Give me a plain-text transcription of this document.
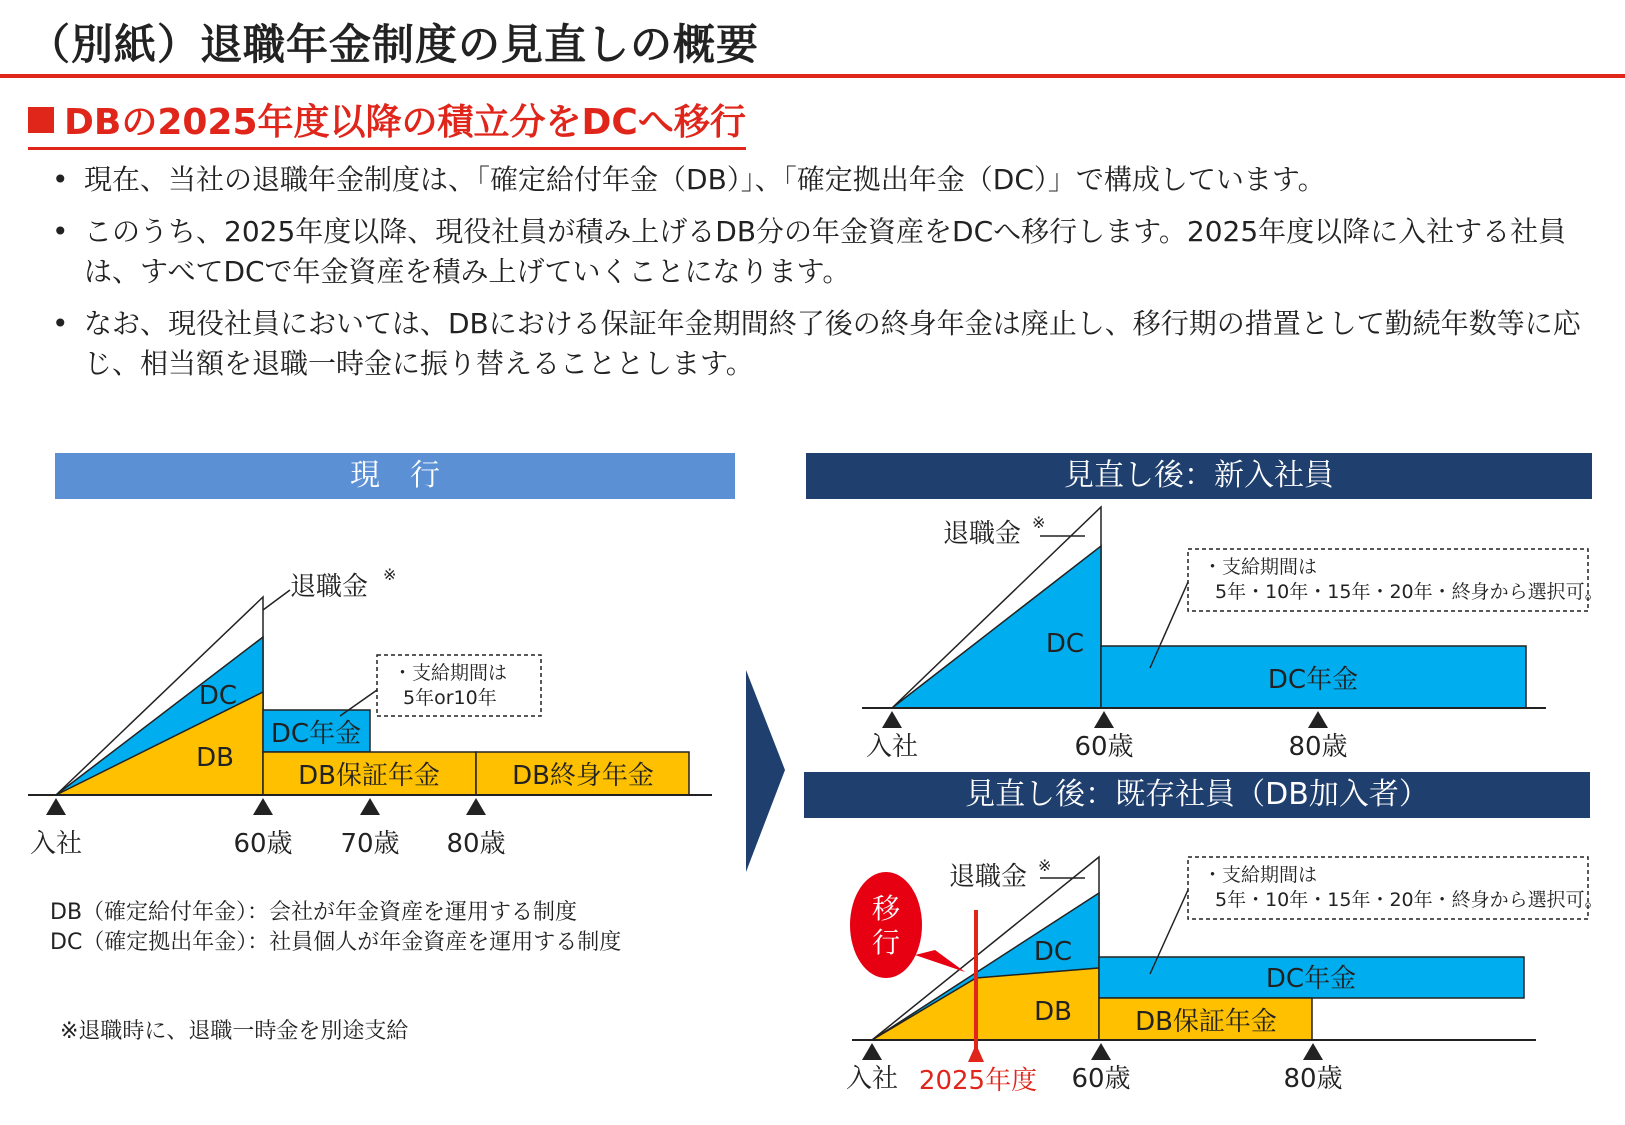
（別紙）退職年金制度の見直しの概要
DBの2025年度以降の積立分をDCへ移行
• 現在、当社の退職年金制度は、「確定給付年金（DB）」、「確定拠出年金（DC）」で構成しています。
• このうち、2025年度以降、現役社員が積み上げるDB分の年金資産をDCへ移行します。2025年度以降に入社する社員は、すべてDCで年金資産を積み上げていくことになります。
• なお、現役社員においては、DBにおける保証年金期間終了後の終身年金は廃止し、移行期の措置として勤続年数等に応じ、相当額を退職一時金に振り替えることとします。
現　行	見直し後：新入社員
見直し後：既存社員（DB加入者）
退職金 ※
DC
DB
DC年金
DB保証年金	DB終身年金
・支給期間は
5年or10年
入社	60歳 70歳 80歳
退職金 ※
DC
DC年金
・支給期間は
5年・10年・15年・20年・終身から選択可。
入社	60歳	80歳
退職金 ※
DC
DB
DC年金
DB保証年金
・支給期間は
5年・10年・15年・20年・終身から選択可。
移
行
入社 2025年度 60歳	80歳
DB（確定給付年金）：会社が年金資産を運用する制度
DC（確定拠出年金）：社員個人が年金資産を運用する制度
※退職時に、退職一時金を別途支給
